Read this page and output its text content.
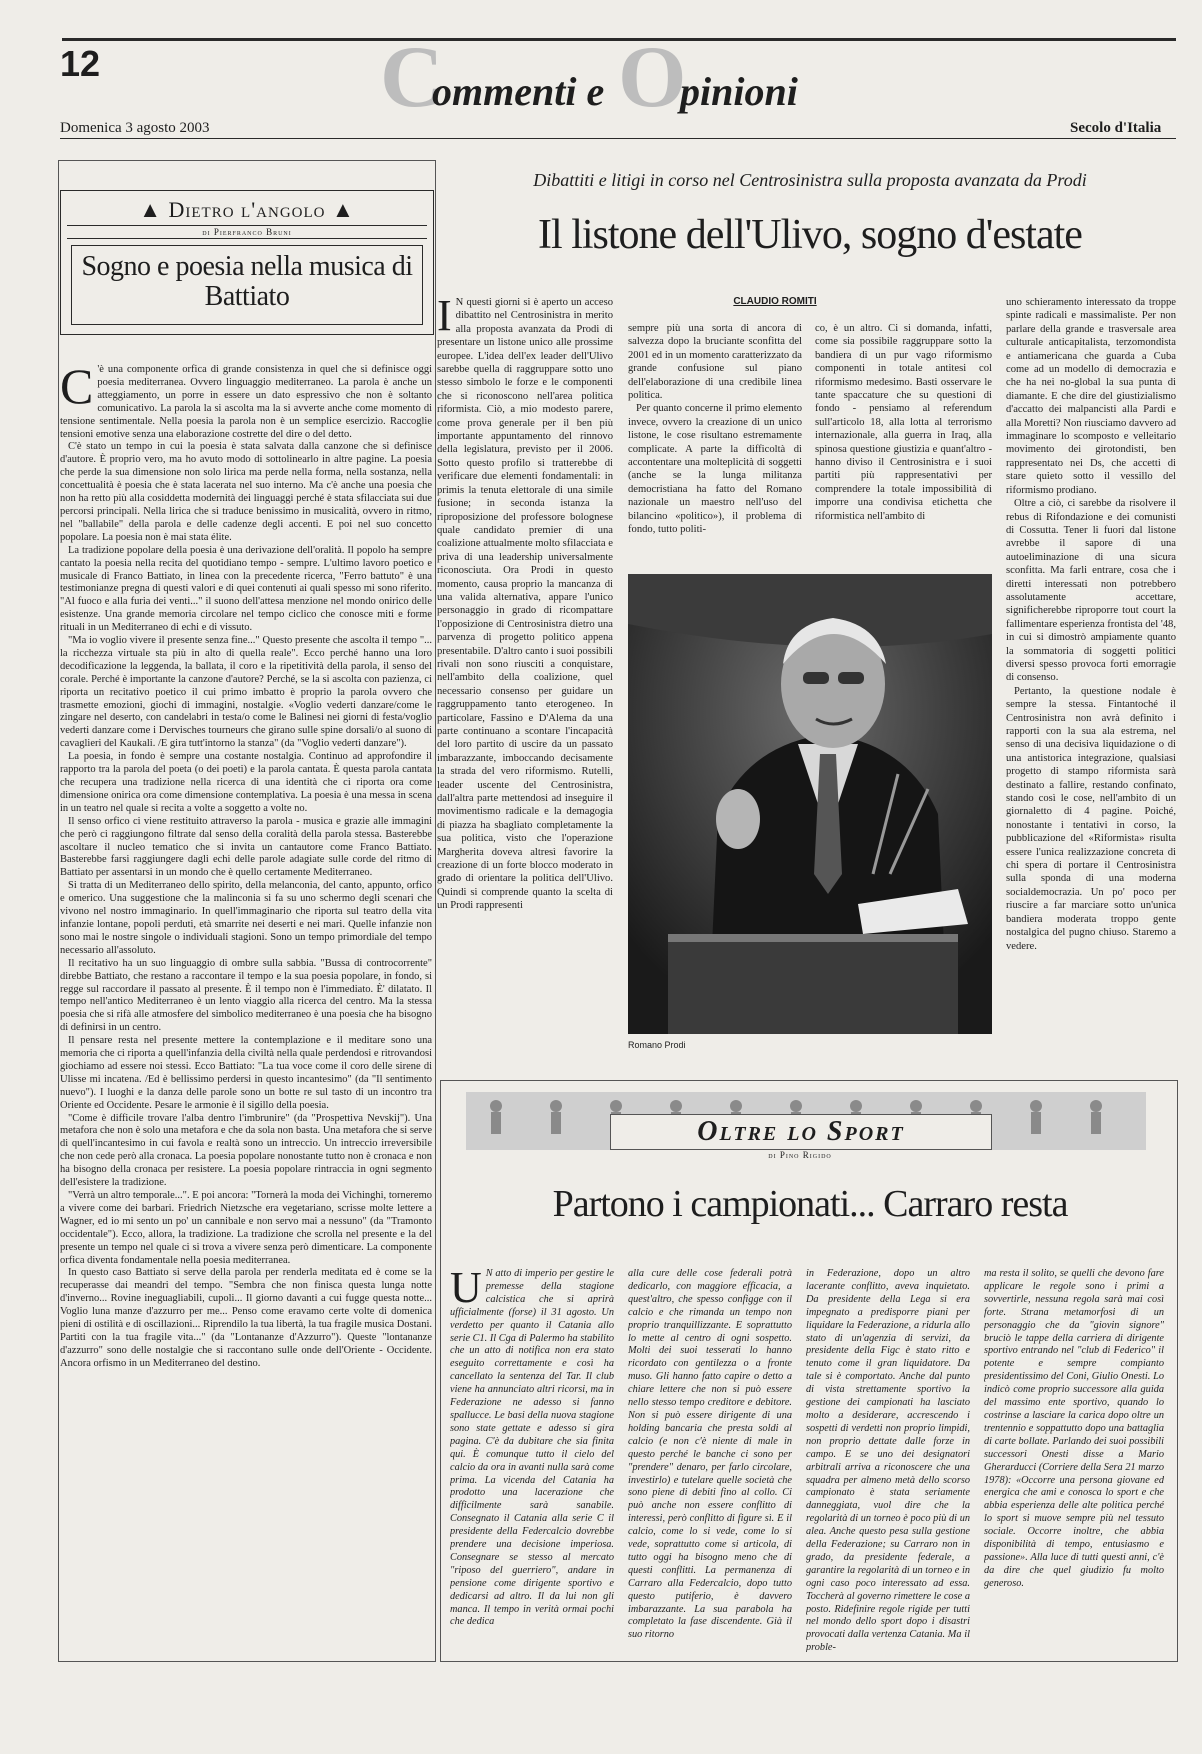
12	C
ommenti e O
pinioni
Domenica 3 agosto 2003	Secolo d'Italia
▲ Dietro l'angolo ▲
di Pierfranco Bruni
Sogno e poesia nella musica di Battiato
C 'è una componente orfica di grande consistenza in quel che si definisce oggi poesia mediterranea. Ovvero linguaggio mediterraneo. La parola è anche un atteggiamento, un porre in essere un dato espressivo che non è soltanto comunicativo. La parola la si ascolta ma la si avverte anche come momento di tensione sentimentale. Nella poesia la parola non è un semplice esercizio. Raccoglie tensioni emotive senza una elaborazione costrette del dire o del detto.

C'è stato un tempo in cui la poesia è stata salvata dalla canzone che si definisce d'autore. È proprio vero, ma ho avuto modo di sottolinearlo in altre pagine. La poesia che perde la sua dimensione non solo lirica ma perde nella forma, nella sostanza, nella concettualità è poesia che è stata lacerata nel suo interno. Ma c'è anche una poesia che non ha retto più alla cosiddetta modernità dei linguaggi perché è stata sfilacciata sui due percorsi principali. Nella lirica che si traduce benissimo in musicalità, ovvero in ritmo, nel "ballabile" della parola e delle cadenze degli accenti. E poi nel suo concetto popolare. La poesia non è mai stata élite.

La tradizione popolare della poesia è una derivazione dell'oralità. Il popolo ha sempre cantato la poesia nella recita del quotidiano tempo - sempre. L'ultimo lavoro poetico e musicale di Franco Battiato, in linea con la precedente ricerca, "Ferro battuto" è una testimonianze pregna di questi valori e di quei contenuti ai quali spesso mi sono riferito. "Al fuoco e alla furia dei venti..." il suono dell'attesa menzione nel mondo onirico delle esistenze. Una grande memoria circolare nel tempo ciclico che conosce miti e forme rituali in un Mediterraneo di echi e di vissuto.

"Ma io voglio vivere il presente senza fine..." Questo presente che ascolta il tempo "... la ricchezza virtuale sta più in alto di quella reale". Ecco perché hanno una loro decodificazione la leggenda, la ballata, il coro e la ripetitività della parola, il senso del corale. Perché è importante la canzone d'autore? Perché, se la si ascolta con pazienza, ci riporta un recitativo poetico il cui primo imbatto è proprio la parola ovvero che trasmette emozioni, giochi di immagini, nostalgie. «Voglio vederti danzare/come le zingare nel deserto, con candelabri in testa/o come le Balinesi nei giorni di festa/voglio vederti danzare come i Dervisches tourneurs che girano sulle spine dorsali/o al suono di cavaglieri del Kaukali. /E gira tutt'intorno la stanza" (da "Voglio vederti danzare").

La poesia, in fondo è sempre una costante nostalgia. Continuo ad approfondire il rapporto tra la parola del poeta (o dei poeti) e la parola cantata. È questa parola cantata che recupera una tradizione nella ricerca di una identità che ci riporta ora come dimensione onirica ora come dimensione contemplativa. La poesia è una messa in scena in un teatro nel quale si recita a volte a soggetto a volte no.

Il senso orfico ci viene restituito attraverso la parola - musica e grazie alle immagini che però ci raggiungono filtrate dal senso della coralità della parola stessa. Basterebbe ascoltare il nucleo tematico che si invita un cantautore come Franco Battiato. Basterebbe farsi raggiungere dagli echi delle parole adagiate sulle corde del ritmo di Battiato per assentarsi in un mondo che è quello certamente Mediterraneo.

Si tratta di un Mediterraneo dello spirito, della melanconia, del canto, appunto, orfico e omerico. Una suggestione che la malinconia si fa su uno schermo degli scenari che vivono nel nostro immaginario. In quell'immaginario che riporta sul teatro della vita infanzie lontane, popoli perduti, età smarrite nei deserti e nei mari. Quelle infanzie non sono mai le nostre singole o individuali stagioni. Sono un tempo primordiale del tempo necessario all'assoluto.

Il recitativo ha un suo linguaggio di ombre sulla sabbia. "Bussa di controcorrente" direbbe Battiato, che restano a raccontare il tempo e la sua poesia popolare, in fondo, si regge sul raccordare il passato al presente. È il tempo non è l'immediato. È' dilatato. Il tempo nell'antico Mediterraneo è un lento viaggio alla ricerca del centro. Ma la stessa poesia che si rifà alle atmosfere del simbolico mediterraneo è una poesia che ha bisogno di definirsi in un centro.

Il pensare resta nel presente mettere la contemplazione e il meditare sono una memoria che ci riporta a quell'infanzia della civiltà nella quale perdendosi e ritrovandosi giochiamo ad essere noi stessi. Ecco Battiato: "La tua voce come il coro delle sirene di Ulisse mi incatena. /Ed è bellissimo perdersi in questo incantesimo" (da "Il sentimento nuevo"). I luoghi e la danza delle parole sono un botte re sul tasto di un incontro tra Oriente ed Occidente. Pesare le armonie è il sigillo della poesia.

"Come è difficile trovare l'alba dentro l'imbrunire" (da "Prospettiva Nevskij"). Una metafora che non è solo una metafora e che da sola non basta. Una metafora che si serve di quell'incantesimo in cui favola e realtà sono un intreccio. Un intreccio irreversibile che non cede però alla cronaca. La poesia popolare nonostante tutto non è cronaca e non ha bisogno della cronaca per resistere. La poesia popolare rintraccia in ogni segmento dell'esistere la tradizione.

"Verrà un altro temporale...". E poi ancora: "Tornerà la moda dei Vichinghi, torneremo a vivere come dei barbari. Friedrich Nietzsche era vegetariano, scrisse molte lettere a Wagner, ed io mi sento un po' un cannibale e non servo mai a nessuno" (da "Tramonto occidentale"). Ecco, allora, la tradizione. La tradizione che scrolla nel presente e la del presente un tempo nel quale ci si trova a vivere senza però dimenticare. La componente orfica diventa fondamentale nella poesia mediterranea.

In questo caso Battiato si serve della parola per renderla meditata ed è come se la recuperasse dai meandri del tempo. "Sembra che non finisca questa lunga notte d'inverno... Rovine ineguagliabili, cupoli... Il giorno davanti a cui fugge questa notte... Voglio luna manze d'azzurro per me... Penso come eravamo certe volte di domenica pieni di ostilità e di oscillazioni... Riprendilo la tua libertà, la tua fragile musica Dostani. Partiti con la tua fragile vita..." (da "Lontananze d'Azzurro"). Queste "lontananze d'azzurro" sono delle nostalgie che si raccontano sulle onde dell'Oriente - Occidente. Ancora orfismo in un Mediterraneo del destino.

Dibattiti e litigi in corso nel Centrosinistra sulla proposta avanzata da Prodi
Il listone dell'Ulivo, sogno d'estate
CLAUDIO ROMITI
I N questi giorni si è aperto un acceso dibattito nel Centrosinistra in merito alla proposta avanzata da Prodi di presentare un listone unico alle prossime europee. L'idea dell'ex leader dell'Ulivo sarebbe quella di raggruppare sotto uno stesso simbolo le forze e le componenti che si riconoscono nell'area politica riformista. Ciò, a mio modesto parere, come prova generale per il ben più importante appuntamento del rinnovo della legislatura, previsto per il 2006. Sotto questo profilo si tratterebbe di verificare due elementi fondamentali: in primis la tenuta elettorale di una simile fusione; in seconda istanza la riproposizione del professore bolognese quale candidato premier di una coalizione attualmente molto sfilacciata e priva di una leadership universalmente riconosciuta. Ora Prodi in questo momento, causa proprio la mancanza di una valida alternativa, appare l'unico personaggio in grado di ricompattare l'opposizione di Centrosinistra dietro una parvenza di progetto politico appena presentabile. D'altro canto i suoi possibili rivali non sono riusciti a conquistare, nell'ambito della coalizione, quel necessario consenso per guidare un raggruppamento tanto eterogeneo. In particolare, Fassino e D'Alema da una parte continuano a scontare l'incapacità del loro partito di uscire da un passato imbarazzante, imboccando decisamente la strada del vero riformismo. Rutelli, leader uscente del Centrosinistra, dall'altra parte mettendosi ad inseguire il movimentismo radicale e la demagogia di piazza ha sbagliato completamente la sua politica, visto che l'operazione Margherita doveva altresì favorire la creazione di un forte blocco moderato in grado di orientare la politica dell'Ulivo. Quindi si comprende quanto la scelta di un Prodi rappresenti

sempre più una sorta di ancora di salvezza dopo la bruciante sconfitta del 2001 ed in un momento caratterizzato da grande confusione sul piano dell'elaborazione di una credibile linea politica.

Per quanto concerne il primo elemento invece, ovvero la creazione di un unico listone, le cose risultano estremamente complicate. A parte la difficoltà di accontentare una molteplicità di soggetti (anche se la lunga militanza democristiana ha fatto del Romano nazionale un maestro nell'uso del bilancino «politico»), il problema di fondo, tutto politi-

co, è un altro. Ci si domanda, infatti, come sia possibile raggruppare sotto la bandiera di un pur vago riformismo componenti in totale antitesi col riformismo medesimo. Basti osservare le tante spaccature che su questioni di fondo - pensiamo al referendum sull'articolo 18, alla lotta al terrorismo internazionale, alla guerra in Iraq, alla spinosa questione giustizia e quant'altro - hanno diviso il Centrosinistra e i suoi partiti più rappresentativi per comprendere la totale impossibilità di imporre una condivisa etichetta che riformistica nell'ambito di

uno schieramento interessato da troppe spinte radicali e massimaliste. Per non parlare della grande e trasversale area culturale anticapitalista, terzomondista e antiamericana che guarda a Cuba come ad un modello di democrazia e che ha nei no-global la sua punta di diamante. E che dire del giustizialismo d'accatto dei malpancisti alla Pardi e alla Moretti? Non riusciamo davvero ad immaginare lo scomposto e velleitario movimento dei girotondisti, ben rappresentato nei Ds, che accetti di stare quieto sotto il vessillo del riformismo prodiano.

Oltre a ciò, ci sarebbe da risolvere il rebus di Rifondazione e dei comunisti di Cossutta. Tener li fuori dal listone avrebbe il sapore di una autoeliminazione di una sicura sconfitta. Ma farli entrare, cosa che i diretti interessati non potrebbero assolutamente accettare, significherebbe riproporre tout court la fallimentare esperienza frontista del '48, in cui si dimostrò ampiamente quanto la sommatoria di soggetti politici diversi spesso provoca forti emorragie di consenso.

Pertanto, la questione nodale è sempre la stessa. Fintantoché il Centrosinistra non avrà definito i rapporti con la sua ala estrema, nel senso di una decisiva liquidazione o di una antistorica integrazione, qualsiasi progetto di stampo riformista sarà destinato a fallire, restando confinato, stando così le cose, nell'ambito di un giornaletto di 4 pagine. Poiché, nonostante i tentativi in corso, la pubblicazione del «Riformista» risulta essere l'unica realizzazione concreta di chi spera di portare il Centrosinistra sulla sponda di una moderna socialdemocrazia. Un po' poco per riuscire a far marciare sotto un'unica bandiera moderata troppo gente nostalgica del pugno chiuso. Staremo a vedere.

Romano Prodi
Oltre lo Sport
di Pino Rigido
Partono i campionati... Carraro resta
U N atto di imperio per gestire le premesse della stagione calcistica che si aprirà ufficialmente (forse) il 31 agosto. Un verdetto per quanto il Catania allo serie C1. Il Cga di Palermo ha stabilito che un atto di notifica non era stato eseguito correttamente e così ha cancellato la sentenza del Tar. Il club viene ha annunciato altri ricorsi, ma in Federazione ne adesso si fanno spallucce. Le basi della nuova stagione sono state gettate e adesso si gira pagina. C'è da dubitare che sia finita qui. È comunque tutto il cielo del calcio da ora in avanti nulla sarà come prima. La vicenda del Catania ha prodotto una lacerazione che difficilmente sarà sanabile. Consegnato il Catania alla serie C il presidente della Federcalcio dovrebbe prendere una decisione imperiosa. Consegnare se stesso al mercato "riposo del guerriero", andare in pensione come dirigente sportivo e dedicarsi ad altro. Il da lui non gli manca. Il tempo in verità ormai pochi che dedica

alla cure delle cose federali potrà dedicarlo, con maggiore efficacia, a quest'altro, che spesso configge con il calcio e che rimanda un tempo non proprio tranquillizzante. E soprattutto lo mette al centro di ogni sospetto. Molti dei suoi tesserati lo hanno ricordato con gentilezza o a fronte muso. Gli hanno fatto capire o detto a chiare lettere che non si può essere nello stesso tempo creditore e debitore. Non si può essere dirigente di una holding bancaria che presta soldi al calcio (e non c'è niente di male in questo perché le banche ci sono per "prendere" denaro, per farlo circolare, investirlo) e tutelare quelle società che sono piene di debiti fino al collo. Ci può anche non essere conflitto di interessi, però conflitto di figure sì. E il calcio, come lo si vede, come lo si vede, soprattutto come si articola, di tutto oggi ha bisogno meno che di questi conflitti. La permanenza di Carraro alla Federcalcio, dopo tutto questo putiferio, è davvero imbarazzante. La sua parabola ha completato la fase discendente. Già il suo ritorno

in Federazione, dopo un altro lacerante conflitto, aveva inquietato. Da presidente della Lega si era impegnato a predisporre piani per liquidare la Federazione, a ridurla allo stato di un'agenzia di servizi, da presidente della Figc è stato ritto e tenuto come il gran liquidatore. Da tale si è comportato. Anche dal punto di vista strettamente sportivo la gestione dei campionati ha lasciato molto a desiderare, accrescendo i sospetti di verdetti non proprio limpidi, non proprio dettate dalle forze in campo. E se uno dei designatori arbitrali arriva a riconoscere che una squadra per almeno metà dello scorso campionato è stata seriamente danneggiata, vuol dire che la regolarità di un torneo è poco più di un alea. Anche questo pesa sulla gestione della Federazione; su Carraro non in grado, da presidente federale, a garantire la regolarità di un torneo e in ogni caso poco interessato ad essa. Toccherà al governo rimettere le cose a posto. Ridefinire regole rigide per tutti nel mondo dello sport dopo i disastri provocati dalla vertenza Catania. Ma il proble-

ma resta il solito, se quelli che devono fare applicare le regole sono i primi a sovvertirle, nessuna regola sarà mai così forte. Strana metamorfosi di un personaggio che da "giovin signore" bruciò le tappe della carriera di dirigente sportivo entrando nel "club di Federico" il potente e sempre compianto presidentissimo del Coni, Giulio Onesti. Lo indicò come proprio successore alla guida del massimo ente sportivo, quando lo costrinse a lasciare la carica dopo oltre un trentennio e soppattutto dopo una battaglia di carte bollate. Parlando dei suoi possibili successori Onesti disse a Mario Gherarducci (Corriere della Sera 21 marzo 1978): «Occorre una persona giovane ed energica che ami e conosca lo sport e che abbia esperienza delle alte politica perché lo sport si muove sempre più nel tessuto sociale. Occorre inoltre, che abbia disponibilità di tempo, entusiasmo e passione». Alla luce di tutti questi anni, c'è da dire che quel giudizio fu molto generoso.
